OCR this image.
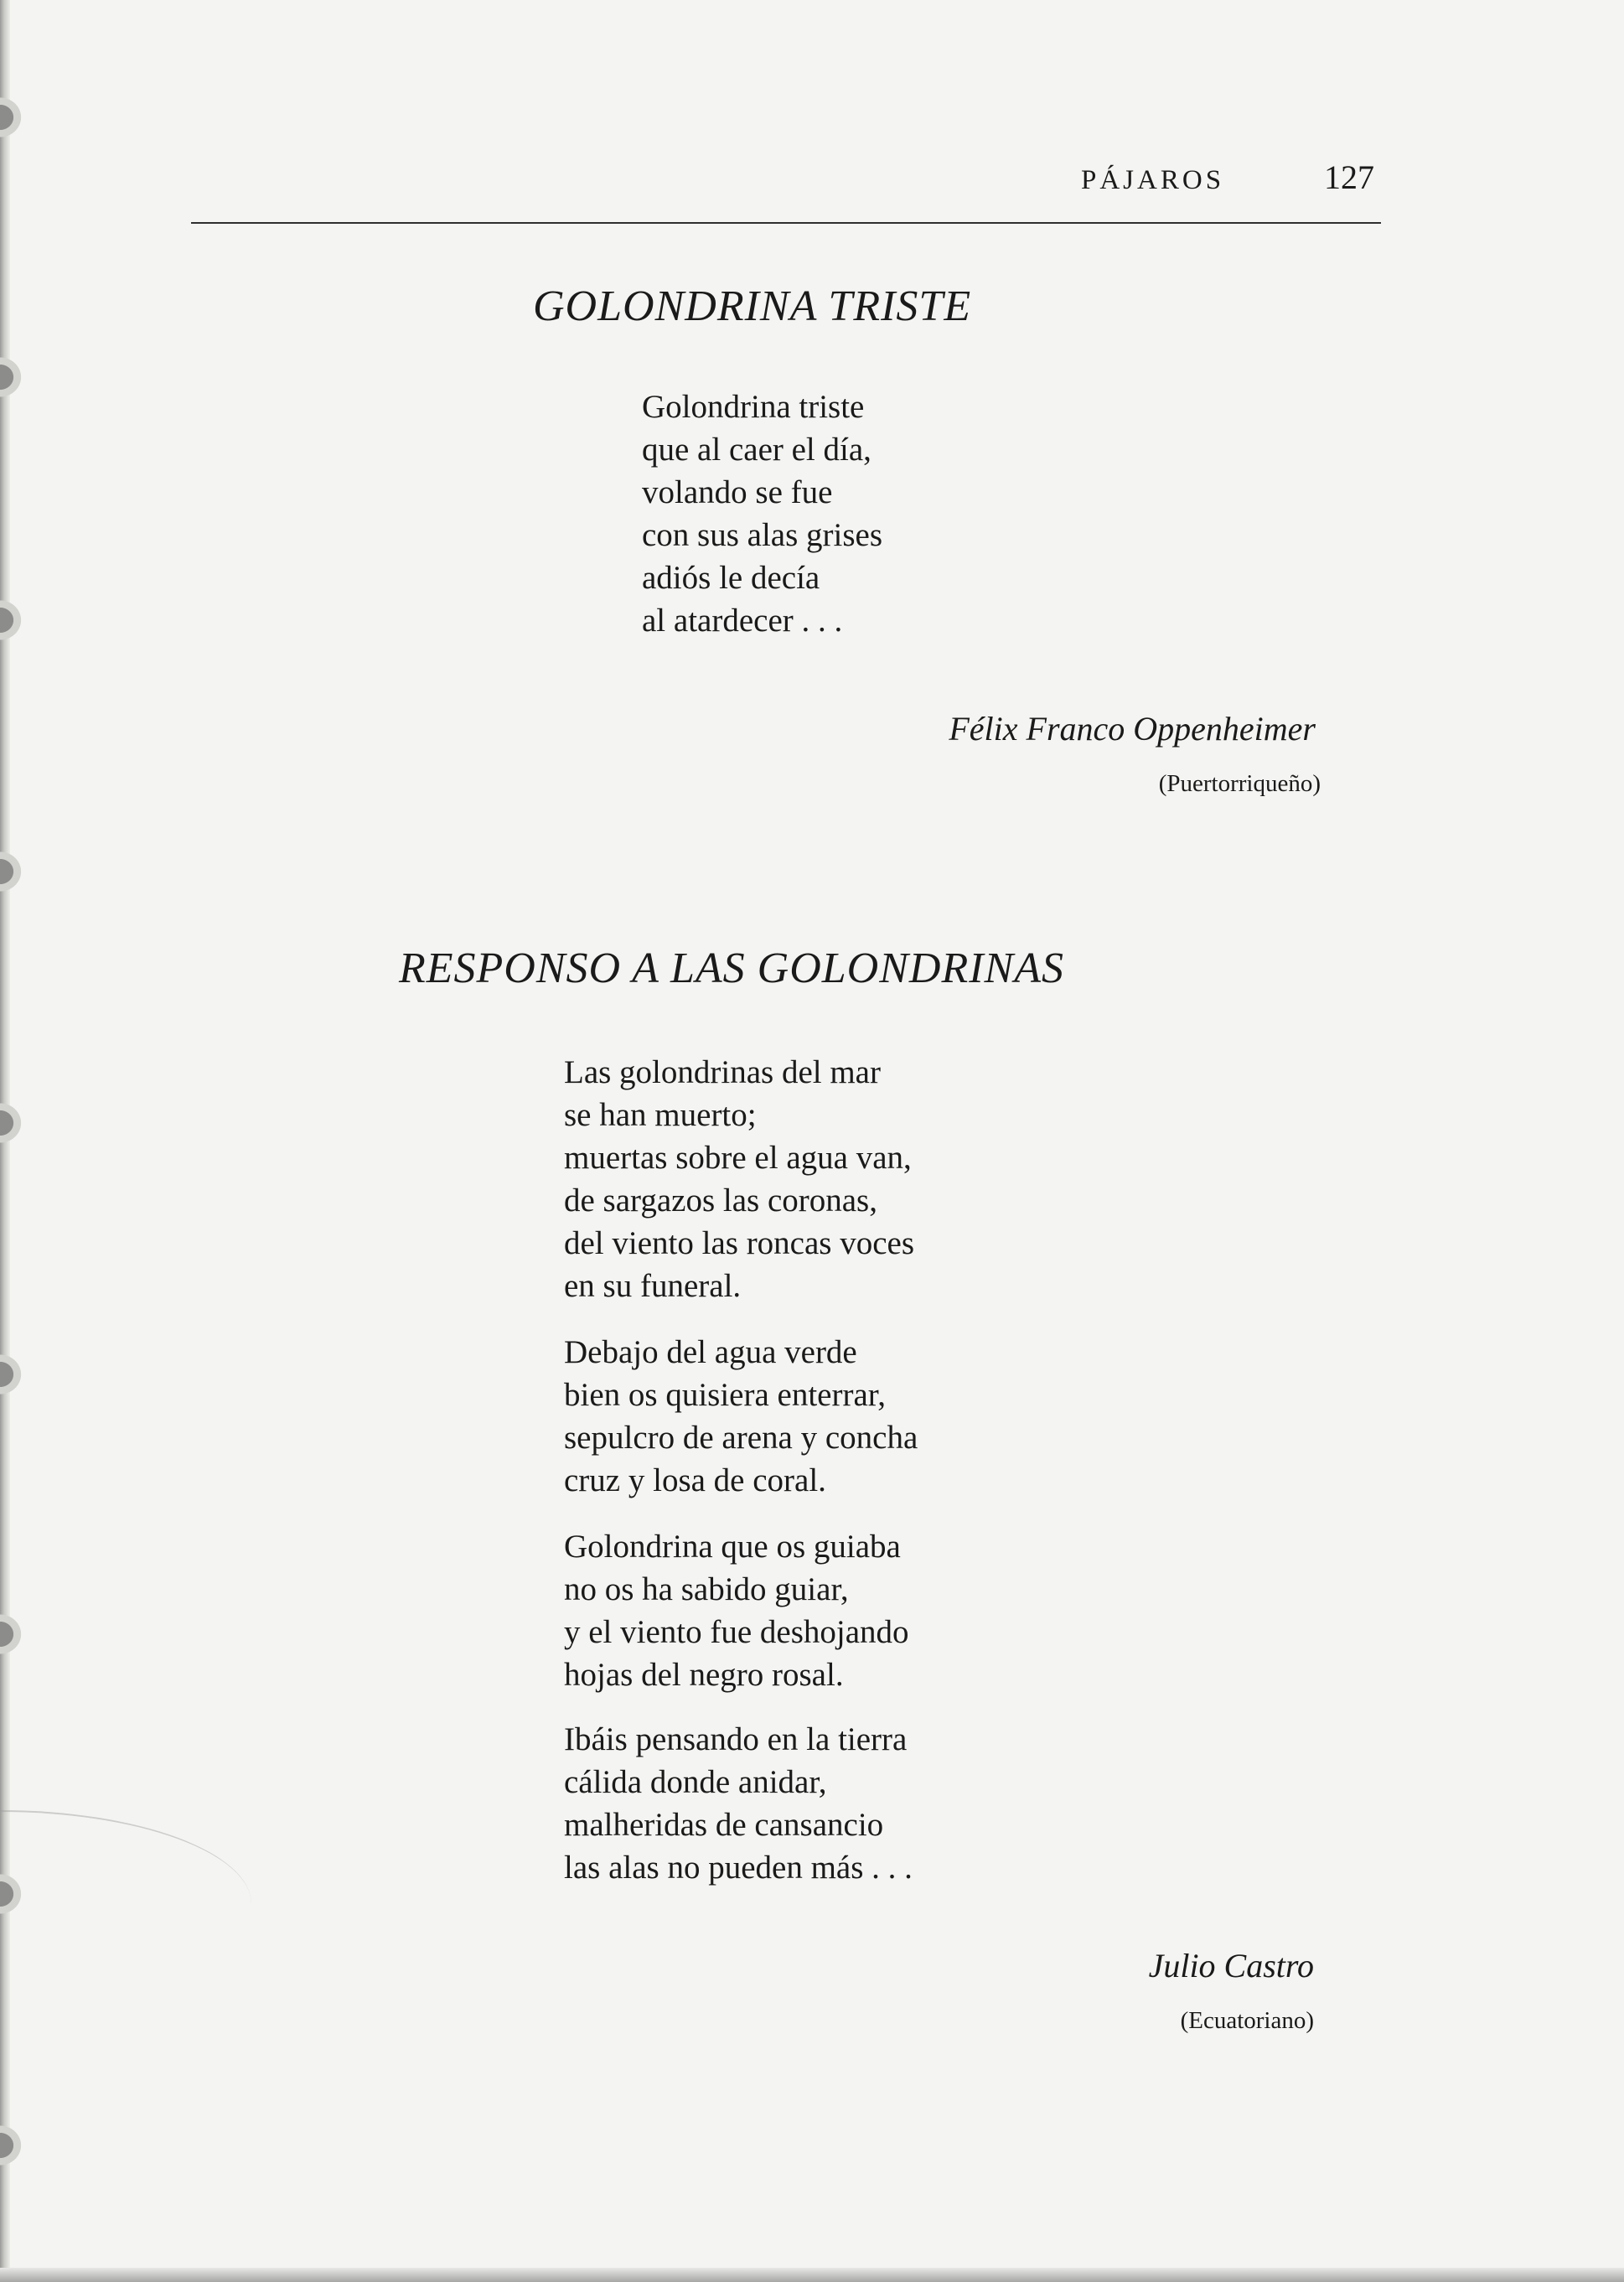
PÁJAROS	127
GOLONDRINA TRISTE

Golondrina triste
que al caer el día,
volando se fue
con sus alas grises
adiós le decía
al atardecer . . .

Félix Franco Oppenheimer
(Puertorriqueño)
RESPONSO A LAS GOLONDRINAS

Las golondrinas del mar
se han muerto;
muertas sobre el agua van,
de sargazos las coronas,
del viento las roncas voces
en su funeral.

Debajo del agua verde
bien os quisiera enterrar,
sepulcro de arena y concha
cruz y losa de coral.

Golondrina que os guiaba
no os ha sabido guiar,
y el viento fue deshojando
hojas del negro rosal.

Ibáis pensando en la tierra
cálida donde anidar,
malheridas de cansancio
las alas no pueden más . . .

Julio Castro
(Ecuatoriano)
